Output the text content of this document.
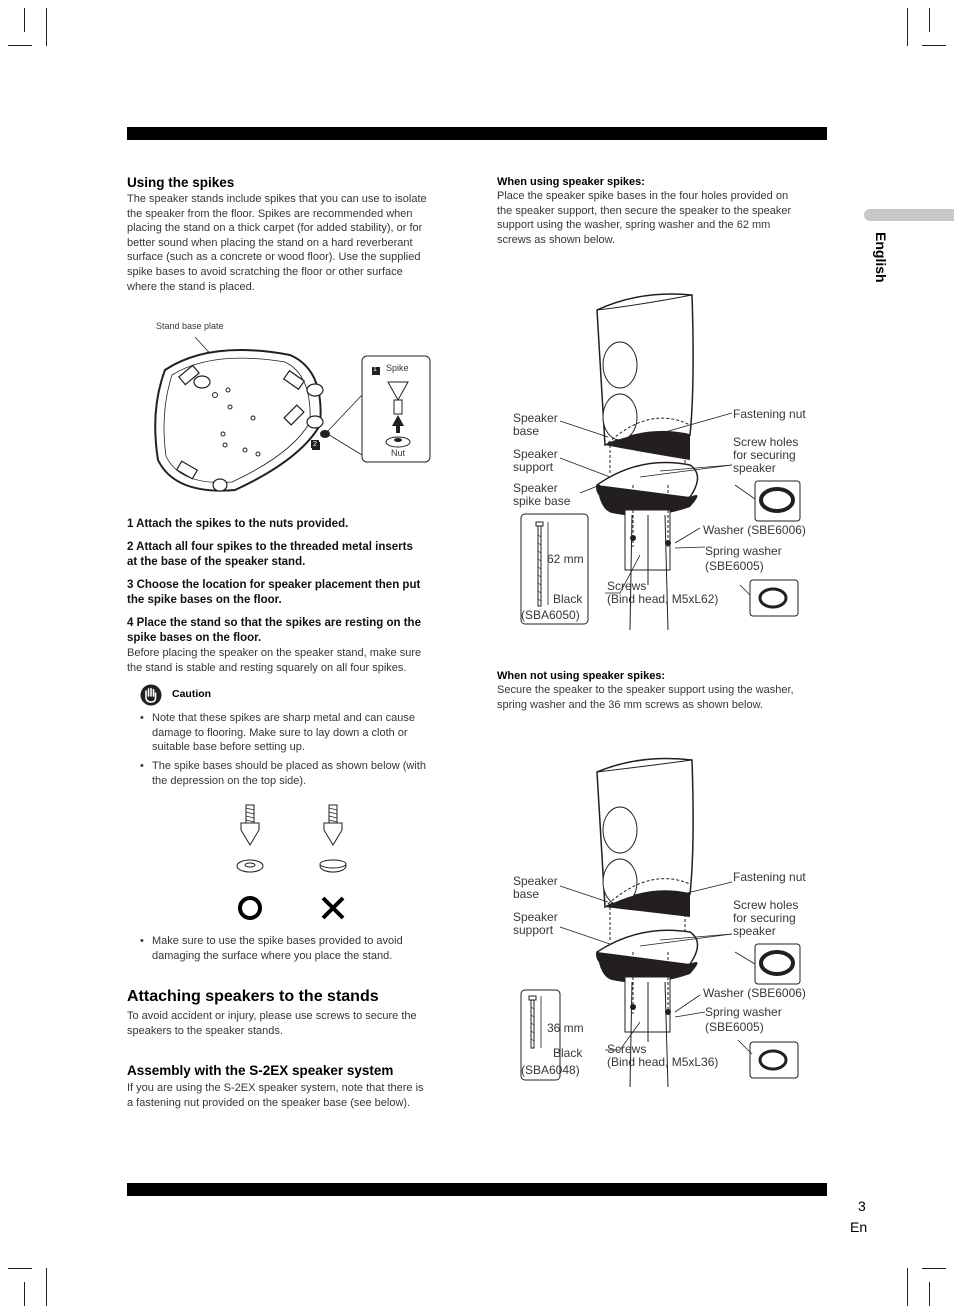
English
Using the spikes
The speaker stands include spikes that you can use to isolate
the speaker from the floor. Spikes are recommended when
placing the stand on a thick carpet (for added stability), or for
better sound when placing the stand on a hard reverberant
surface (such as a concrete or wood floor). Use the supplied
spike bases to avoid scratching the floor or other surface
where the stand is placed.
Stand base plate
1
2
Spike
Nut
1 Attach the spikes to the nuts provided.
2 Attach all four spikes to the threaded metal inserts
at the base of the speaker stand.
3 Choose the location for speaker placement then put
the spike bases on the floor.
4 Place the stand so that the spikes are resting on the
spike bases on the floor.
Before placing the speaker on the speaker stand, make sure
the stand is stable and resting squarely on all four spikes.
Caution
• Note that these spikes are sharp metal and can cause
damage to flooring. Make sure to lay down a cloth or
suitable base before setting up.
• The spike bases should be placed as shown below (with
the depression on the top side).
• Make sure to use the spike bases provided to avoid
damaging the surface where you place the stand.
Attaching speakers to the stands
To avoid accident or injury, please use screws to secure the
speakers to the speaker stands.
Assembly with the S-2EX speaker system
If you are using the S-2EX speaker system, note that there is
a fastening nut provided on the speaker base (see below).
When using speaker spikes:
Place the speaker spike bases in the four holes provided on
the speaker support, then secure the speaker to the speaker
support using the washer, spring washer and the 62 mm
screws as shown below.
Speaker
base
Speaker
support
Speaker
spike base
Fastening nut
Screw holes
for securing
speaker
Washer (SBE6006)
Spring washer
(SBE6005)
62 mm
Screws
(Bind head, M5xL62)
Black
(SBA6050)
When not using speaker spikes:
Secure the speaker to the speaker support using the washer,
spring washer and the 36 mm screws as shown below.
Speaker
base
Speaker
support
Fastening nut
Screw holes
for securing
speaker
Washer (SBE6006)
Spring washer
(SBE6005)
36 mm
Screws
(Bind head, M5xL36)
Black
(SBA6048)
3
En
